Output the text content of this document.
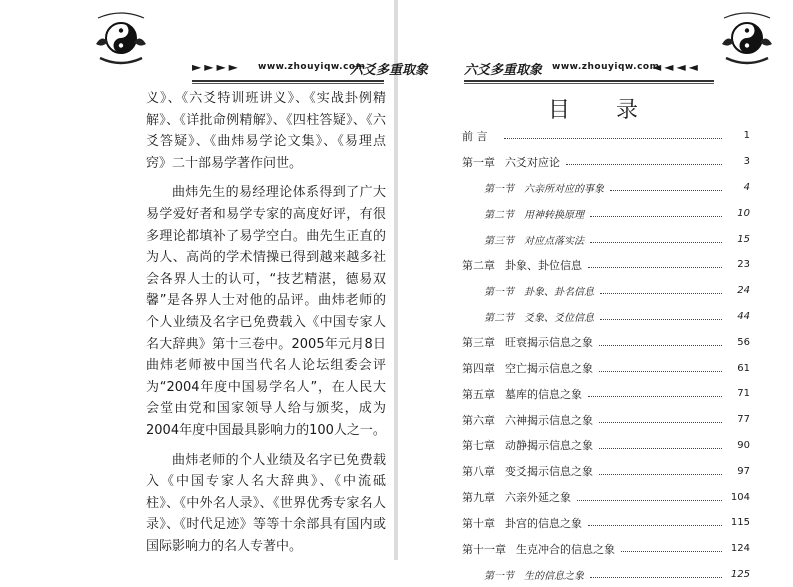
►►►► www.zhouyiqw.com
六爻多重取象

义》、《六爻特训班讲义》、《实战卦例精解》、《详批命例精解》、《四柱答疑》、《六爻答疑》、《曲炜易学论文集》、《易理点窍》二十部易学著作问世。

曲炜先生的易经理论体系得到了广大易学爱好者和易学专家的高度好评，有很多理论都填补了易学空白。曲先生正直的为人、高尚的学术情操已得到越来越多社会各界人士的认可，“技艺精湛，德易双馨”是各界人士对他的品评。曲炜老师的个人业绩及名字已免费载入《中国专家人名大辞典》第十三卷中。2005年元月8日曲炜老师被中国当代名人论坛组委会评为“2004年度中国易学名人”，在人民大会堂由党和国家领导人给与颁奖，成为2004年度中国最具影响力的100人之一。

曲炜老师的个人业绩及名字已免费载入《中国专家人名大辞典》、《中流砥柱》、《中外名人录》、《世界优秀专家名人录》、《时代足迹》等等十余部具有国内或国际影响力的名人专著中。

六爻多重取象 www.zhouyiqw.com
◄◄◄◄
目录
前 言	1
第一章 六爻对应论	3
第一节 六亲所对应的事象	4
第二节 用神转换原理	10
第三节 对应点落实法	15
第二章 卦象、卦位信息	23
第一节 卦象、卦名信息	24
第二节 爻象、爻位信息	44
第三章 旺衰揭示信息之象	56
第四章 空亡揭示信息之象	61
第五章 墓库的信息之象	71
第六章 六神揭示信息之象	77
第七章 动静揭示信息之象	90
第八章 变爻揭示信息之象	97
第九章 六亲外延之象	104
第十章 卦宫的信息之象	115
第十一章 生克冲合的信息之象	124
第一节 生的信息之象	125
